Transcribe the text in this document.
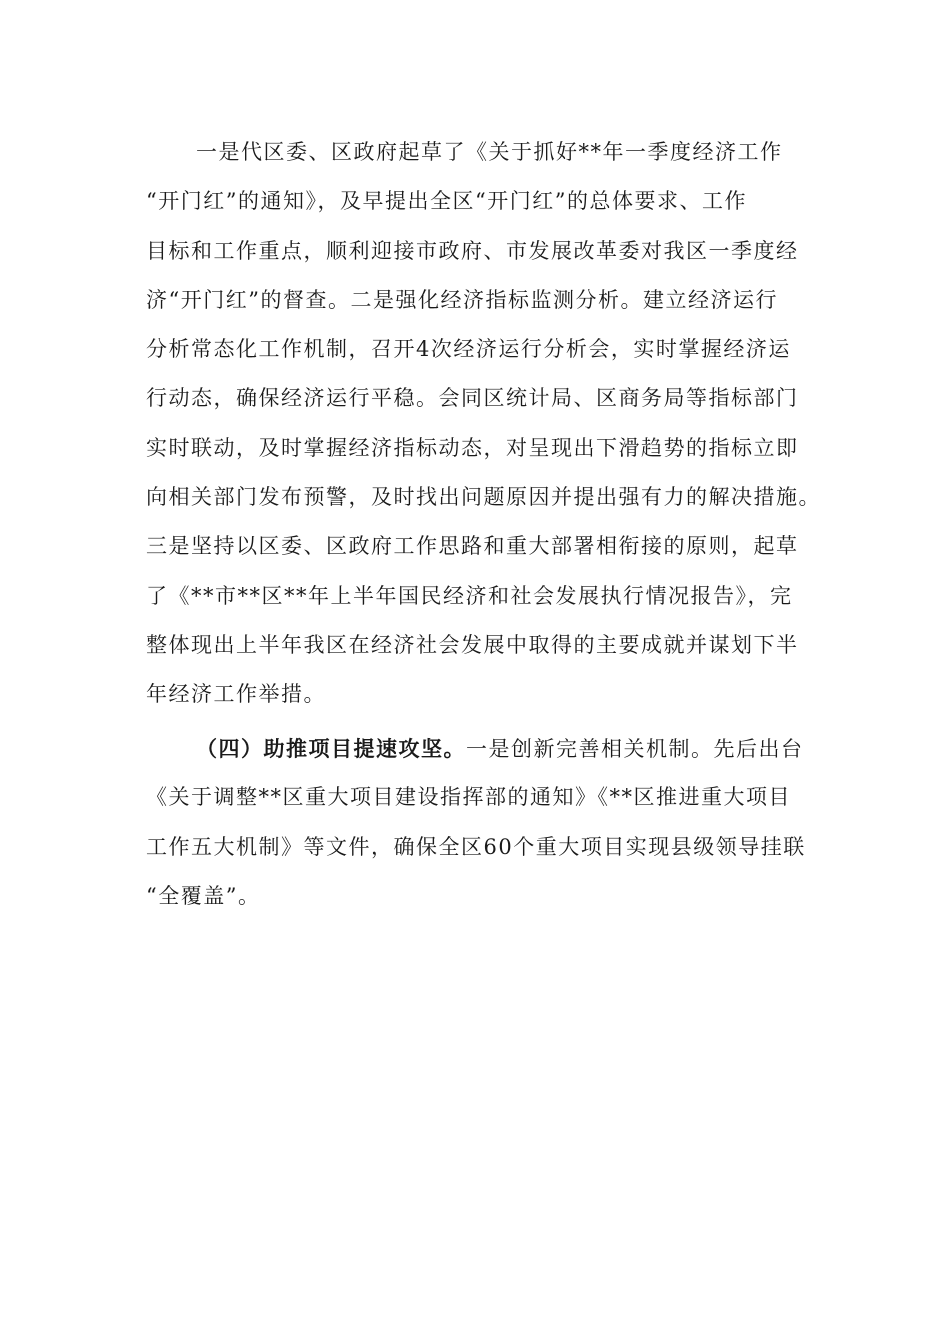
一是代区委、区政府起草了《关于抓好**年一季度经济工作
“开门红”的通知》，及早提出全区“开门红”的总体要求、工作
目标和工作重点，顺利迎接市政府、市发展改革委对我区一季度经
济“开门红”的督查。二是强化经济指标监测分析。建立经济运行
分析常态化工作机制，召开4次经济运行分析会，实时掌握经济运
行动态，确保经济运行平稳。会同区统计局、区商务局等指标部门
实时联动，及时掌握经济指标动态，对呈现出下滑趋势的指标立即
向相关部门发布预警，及时找出问题原因并提出强有力的解决措施。
三是坚持以区委、区政府工作思路和重大部署相衔接的原则，起草
了《**市**区**年上半年国民经济和社会发展执行情况报告》，完
整体现出上半年我区在经济社会发展中取得的主要成就并谋划下半
年经济工作举措。
（四）助推项目提速攻坚。一是创新完善相关机制。先后出台
《关于调整**区重大项目建设指挥部的通知》《**区推进重大项目
工作五大机制》等文件，确保全区60个重大项目实现县级领导挂联
“全覆盖”。
